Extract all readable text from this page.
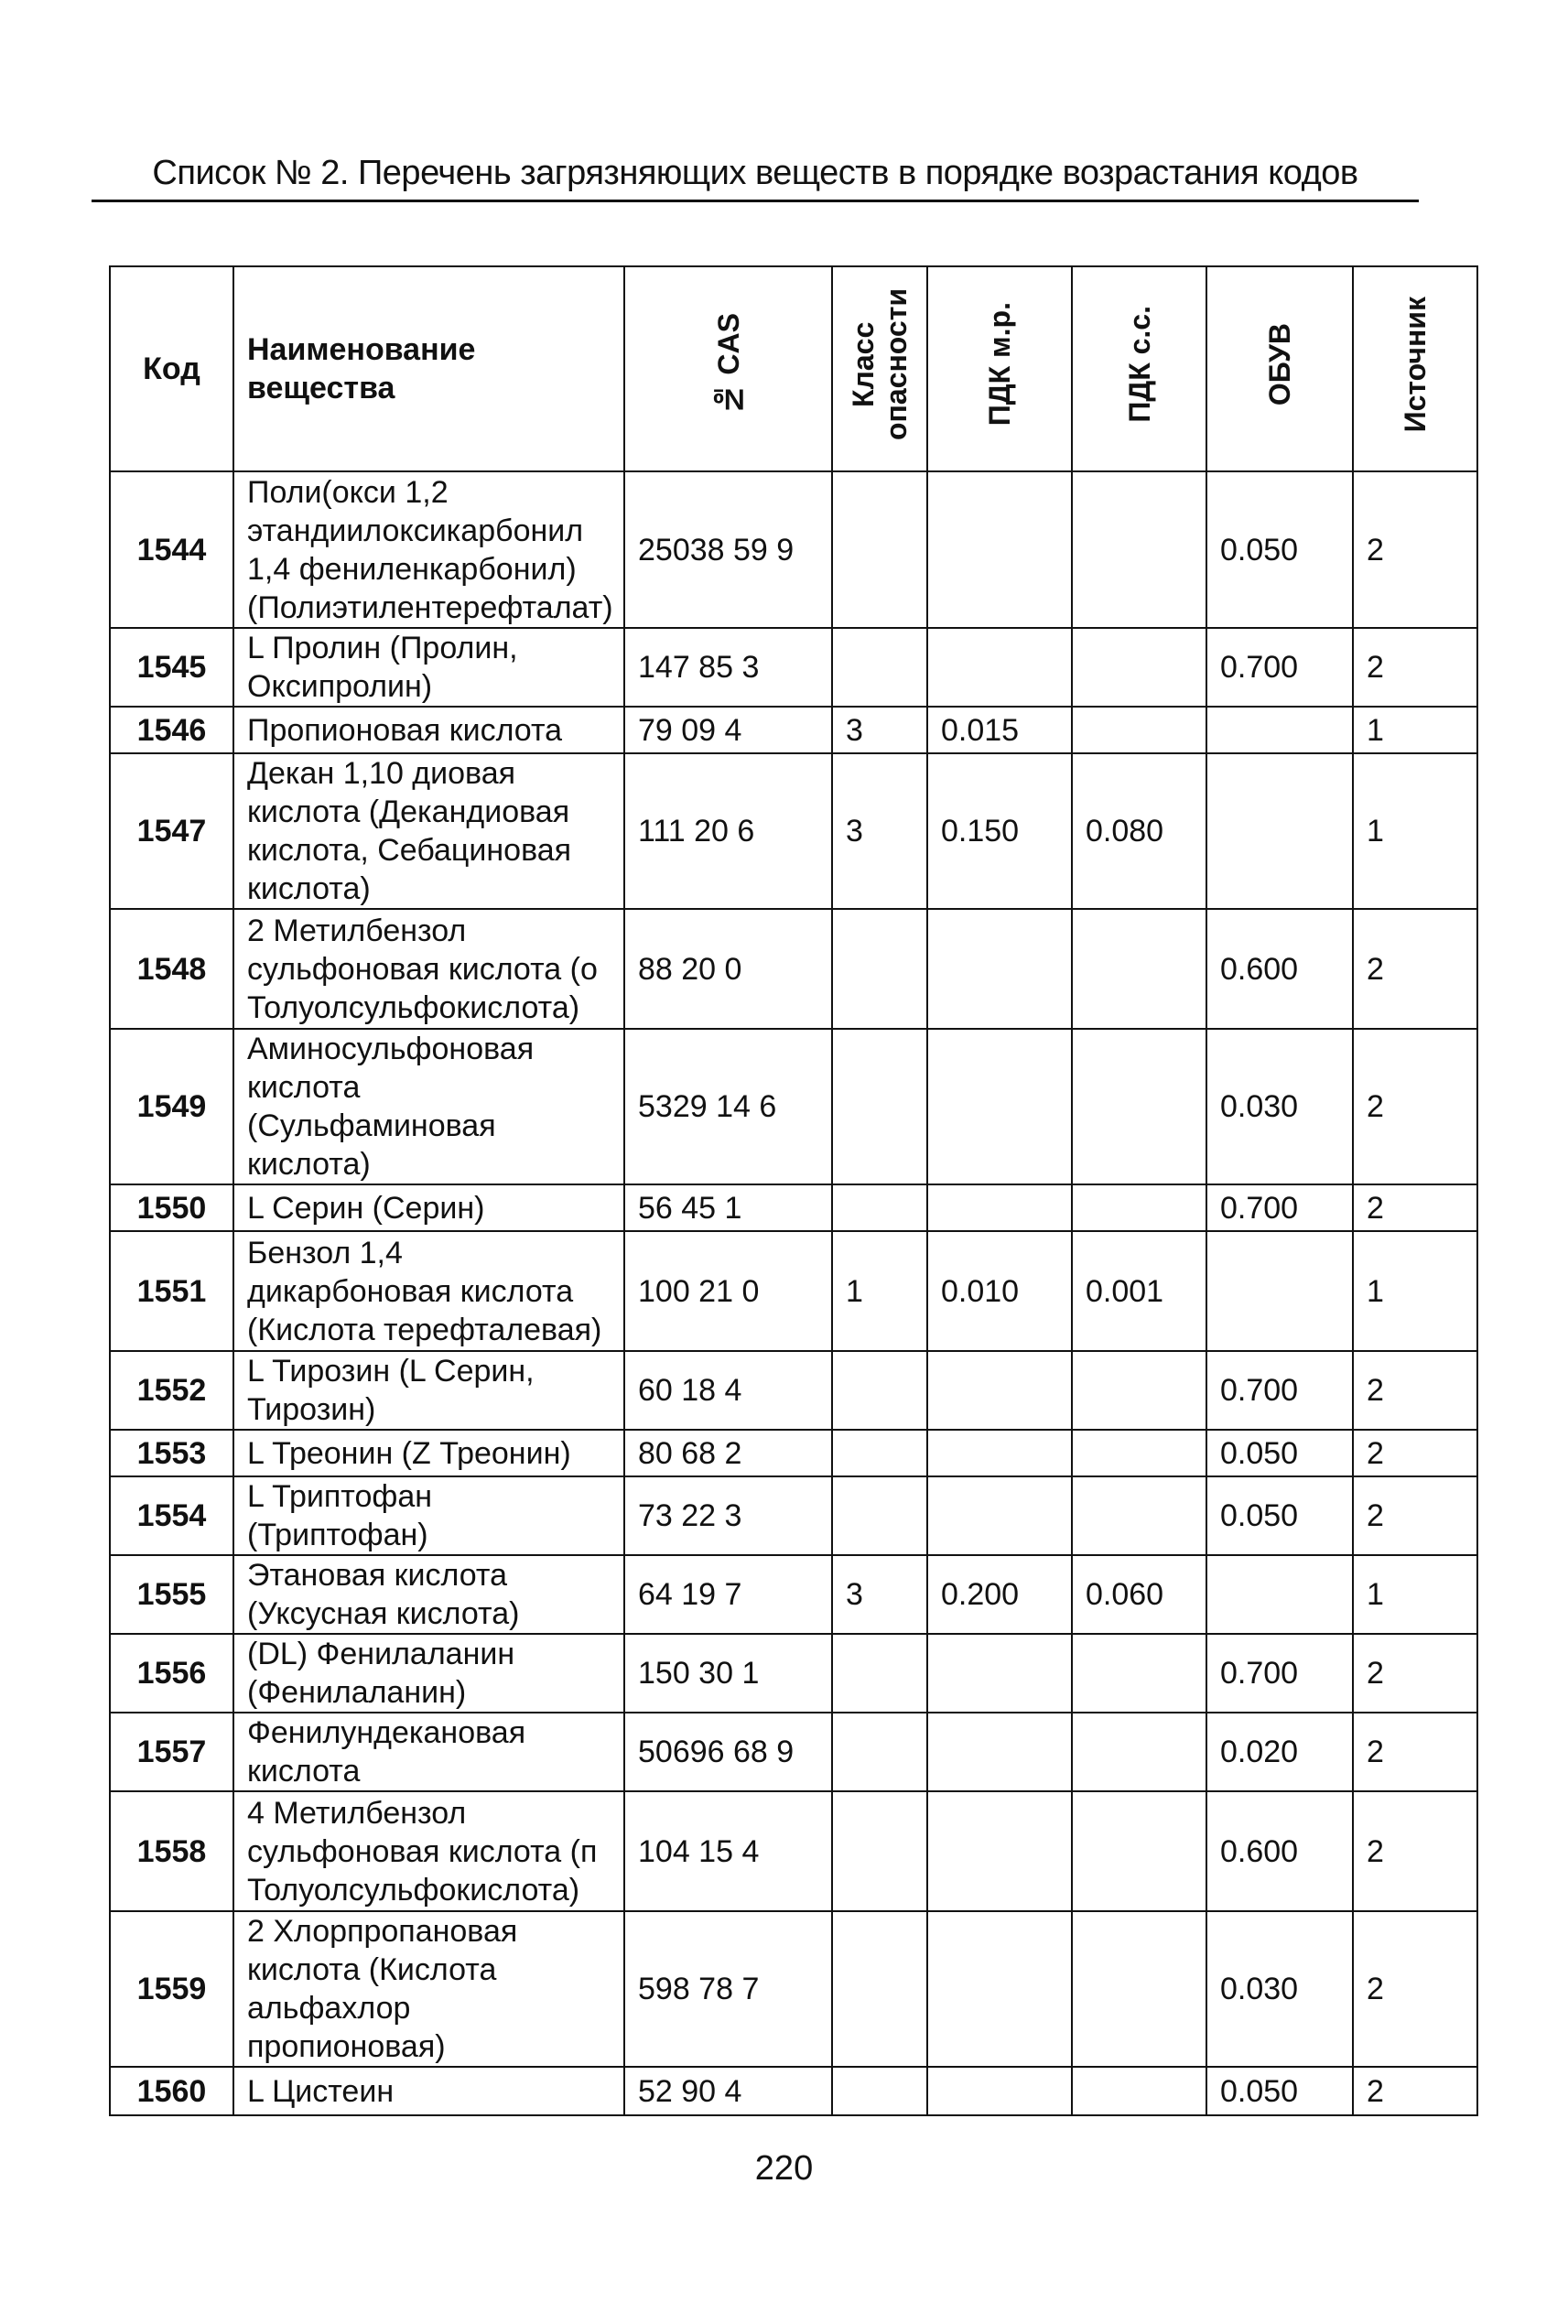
Список № 2. Перечень загрязняющих веществ в порядке возрастания кодов
Код	Наименование вещества	№ CAS	Класс опасности	ПДК м.р.	ПДК с.с.	ОБУВ	Источник
1544	Поли(окси 1,2 этандиилоксикарбонил 1,4 фениленкарбонил) (Полиэтилентерефталат)	25038 59 9				0.050	2
1545	L Пролин (Пролин, Оксипролин)	147 85 3				0.700	2
1546	Пропионовая кислота	79 09 4	3	0.015			1
1547	Декан 1,10 диовая кислота (Декандиовая кислота, Себациновая кислота)	111 20 6	3	0.150	0.080		1
1548	2 Метилбензол сульфоновая кислота (о Толуолсульфокислота)	88 20 0				0.600	2
1549	Аминосульфоновая кислота (Сульфаминовая кислота)	5329 14 6				0.030	2
1550	L Серин (Серин)	56 45 1				0.700	2
1551	Бензол 1,4 дикарбоновая кислота (Кислота терефталевая)	100 21 0	1	0.010	0.001		1
1552	L Тирозин (L Серин, Тирозин)	60 18 4				0.700	2
1553	L Треонин (Z Треонин)	80 68 2				0.050	2
1554	L Триптофан (Триптофан)	73 22 3				0.050	2
1555	Этановая кислота (Уксусная кислота)	64 19 7	3	0.200	0.060		1
1556	(DL) Фенилаланин (Фенилаланин)	150 30 1				0.700	2
1557	Фенилундекановая кислота	50696 68 9				0.020	2
1558	4 Метилбензол сульфоновая кислота (п Толуолсульфокислота)	104 15 4				0.600	2
1559	2 Хлорпропановая кислота (Кислота альфахлор пропионовая)	598 78 7				0.030	2
1560	L Цистеин	52 90 4				0.050	2
220
